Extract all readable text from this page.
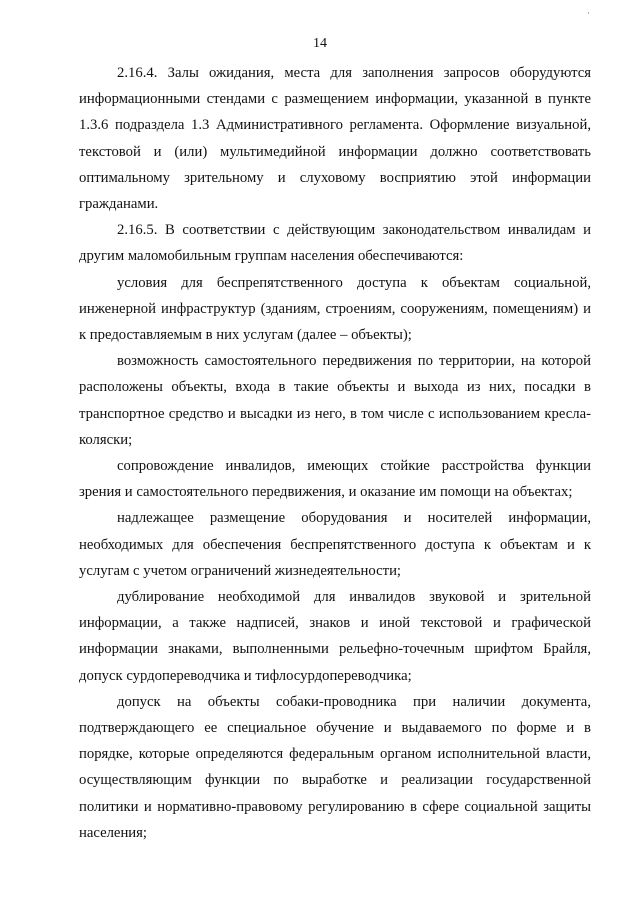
·
14

2.16.4. Залы ожидания, места для заполнения запросов оборудуются информационными стендами с размещением информации, указанной в пункте 1.3.6 подраздела 1.3 Административного регламента. Оформление визуальной, текстовой и (или) мультимедийной информации должно соответствовать оптимальному зрительному и слуховому восприятию этой информации гражданами.

2.16.5. В соответствии с действующим законодательством инвалидам и другим маломобильным группам населения обеспечиваются:

условия для беспрепятственного доступа к объектам социальной, инженерной инфраструктур (зданиям, строениям, сооружениям, помещениям) и к предоставляемым в них услугам (далее – объекты);

возможность самостоятельного передвижения по территории, на которой расположены объекты, входа в такие объекты и выхода из них, посадки в транспортное средство и высадки из него, в том числе с использованием кресла-коляски;

сопровождение инвалидов, имеющих стойкие расстройства функции зрения и самостоятельного передвижения, и оказание им помощи на объектах;

надлежащее размещение оборудования и носителей информации, необходимых для обеспечения беспрепятственного доступа к объектам и к услугам с учетом ограничений жизнедеятельности;

дублирование необходимой для инвалидов звуковой и зрительной информации, а также надписей, знаков и иной текстовой и графической информации знаками, выполненными рельефно-точечным шрифтом Брайля, допуск сурдопереводчика и тифлосурдопереводчика;

допуск на объекты собаки-проводника при наличии документа, подтверждающего ее специальное обучение и выдаваемого по форме и в порядке, которые определяются федеральным органом исполнительной власти, осуществляющим функции по выработке и реализации государственной политики и нормативно-правовому регулированию в сфере социальной защиты населения;
